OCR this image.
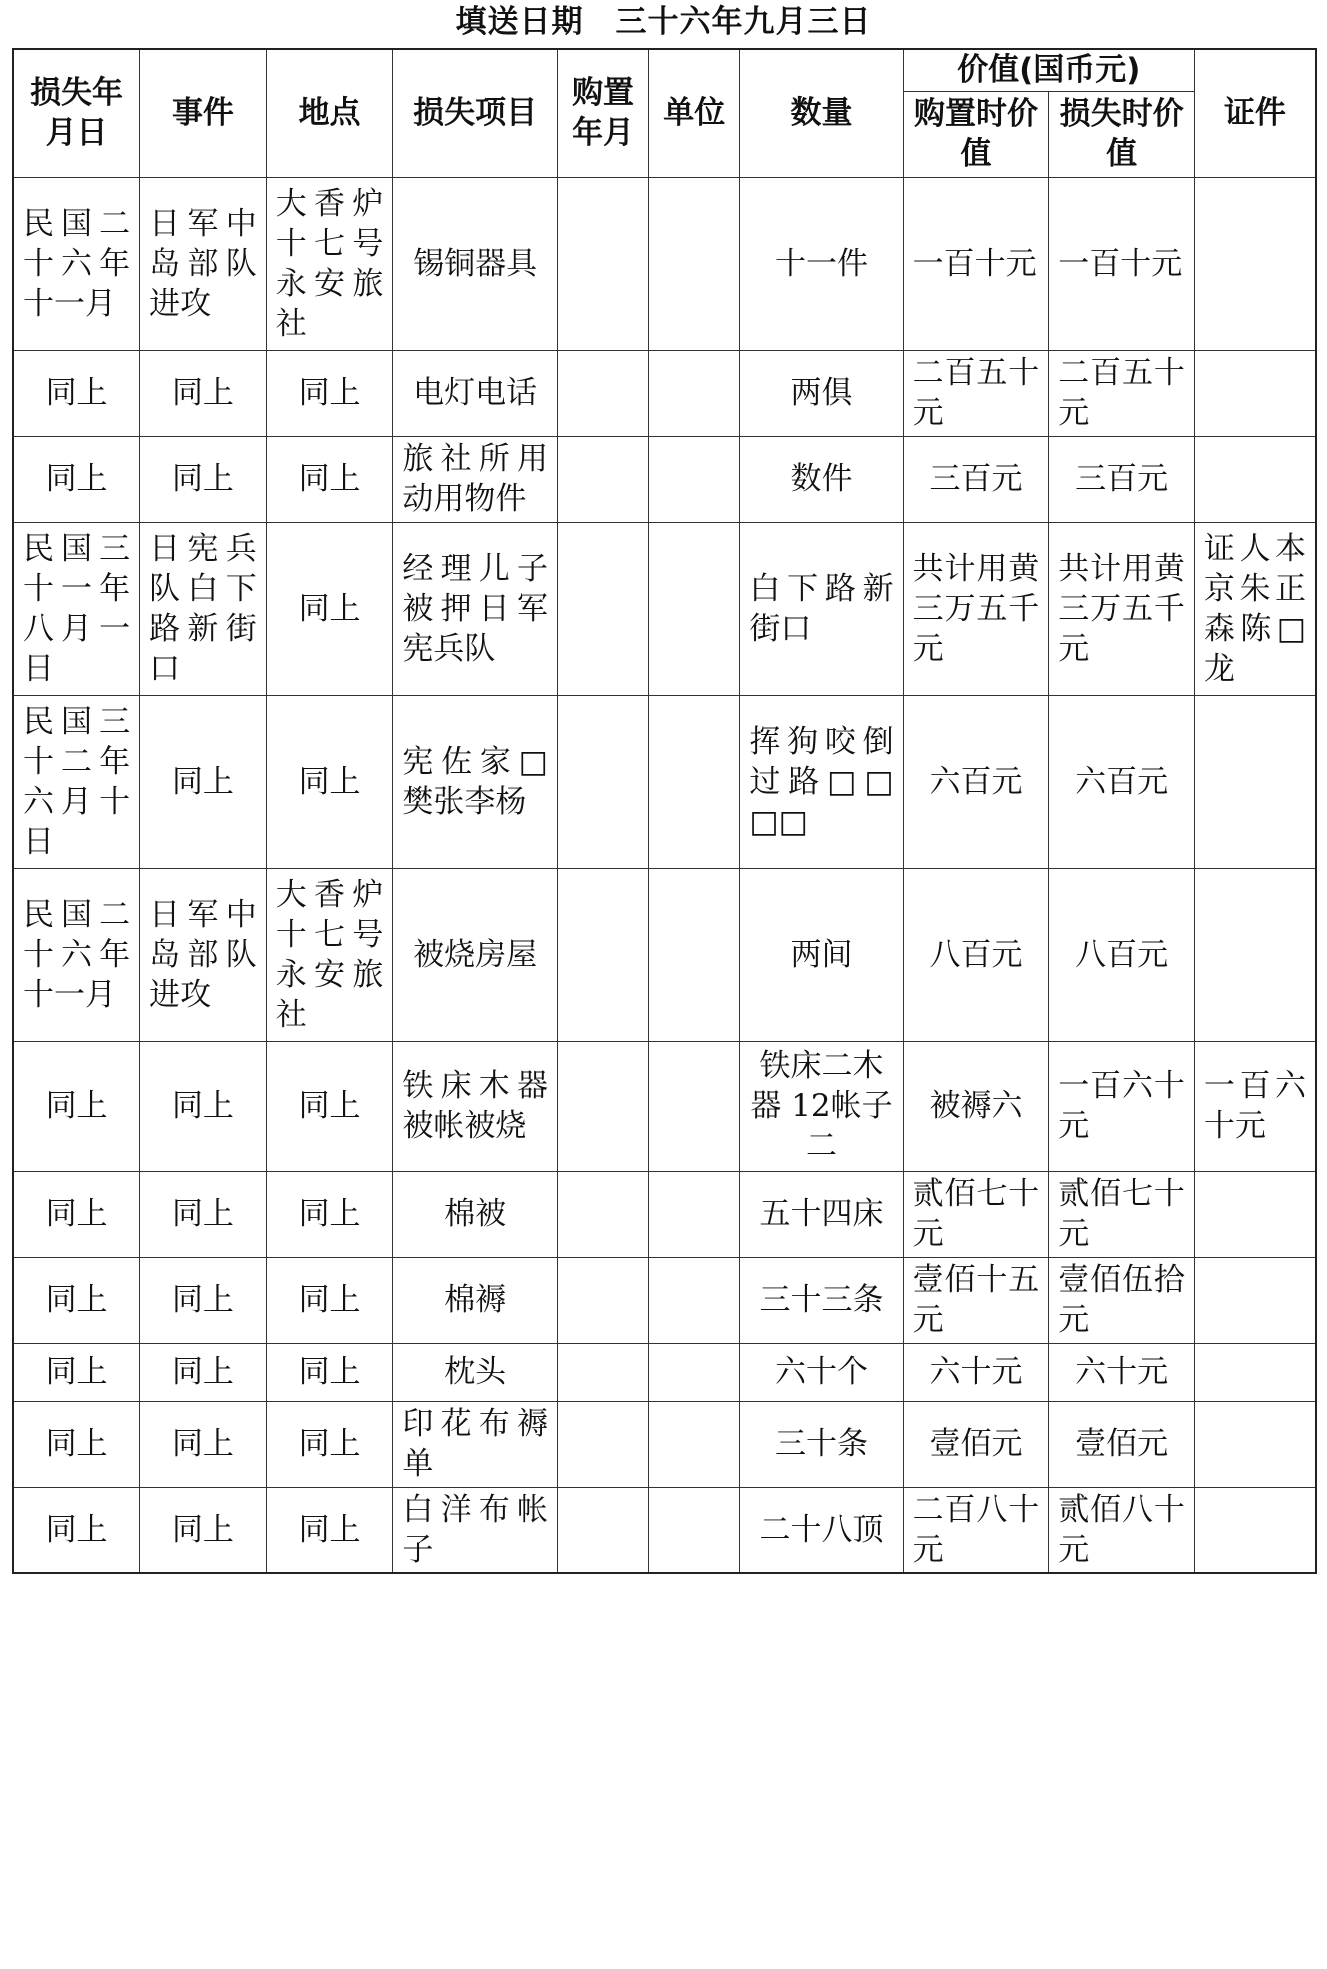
填送日期　三十六年九月三日
损失年月日	事件	地点	损失项目	购置年月	单位	数量	价值(国币元)		证件
							购置时价值	损失时价值	
民国二十六年十一月	日军中岛部队进攻	大香炉十七号永安旅社	锡铜器具			十一件	一百十元	一百十元	
同上	同上	同上	电灯电话			两俱	二百五十元	二百五十元	
同上	同上	同上	旅社所用动用物件			数件	三百元	三百元	
民国三十一年八月一日	日宪兵队白下路新街口	同上	经理儿子被押日军宪兵队			白下路新街口	共计用黄三万五千元	共计用黄三万五千元	证人本京朱正森陈□龙
民国三十二年六月十日	同上	同上	宪佐家□樊张李杨			挥狗咬倒过路□□□□	六百元	六百元	
民国二十六年十一月	日军中岛部队进攻	大香炉十七号永安旅社	被烧房屋			两间	八百元	八百元	
同上	同上	同上	铁床木器被帐被烧			铁床二木器 12帐子二	被褥六	一百六十元	一百六十元
同上	同上	同上	棉被			五十四床	贰佰七十元	贰佰七十元	
同上	同上	同上	棉褥			三十三条	壹佰十五元	壹佰伍拾元	
同上	同上	同上	枕头			六十个	六十元	六十元	
同上	同上	同上	印花布褥单			三十条	壹佰元	壹佰元	
同上	同上	同上	白洋布帐子			二十八顶	二百八十元	贰佰八十元	
